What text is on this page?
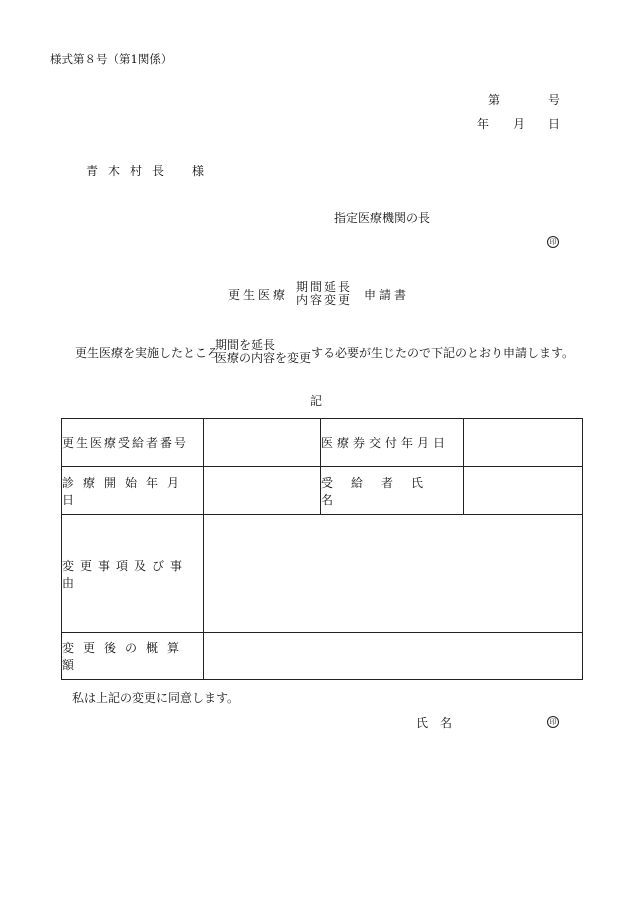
様式第８号（第1関係）
第	号
年 月 日
青 木 村 長	様
指定医療機関の長
印
更生医療
期間延長
内容変更 申請書
更生医療を実施したところ
期間を延長
医療の内容を変更 する必要が生じたので下記のとおり申請します。
記
更生医療受給者番号		医療券交付年月日	
診療開始年月日		受給者氏名	
変更事項及び事由			
変更後の概算額			
私は上記の変更に同意します。
氏　名	印
